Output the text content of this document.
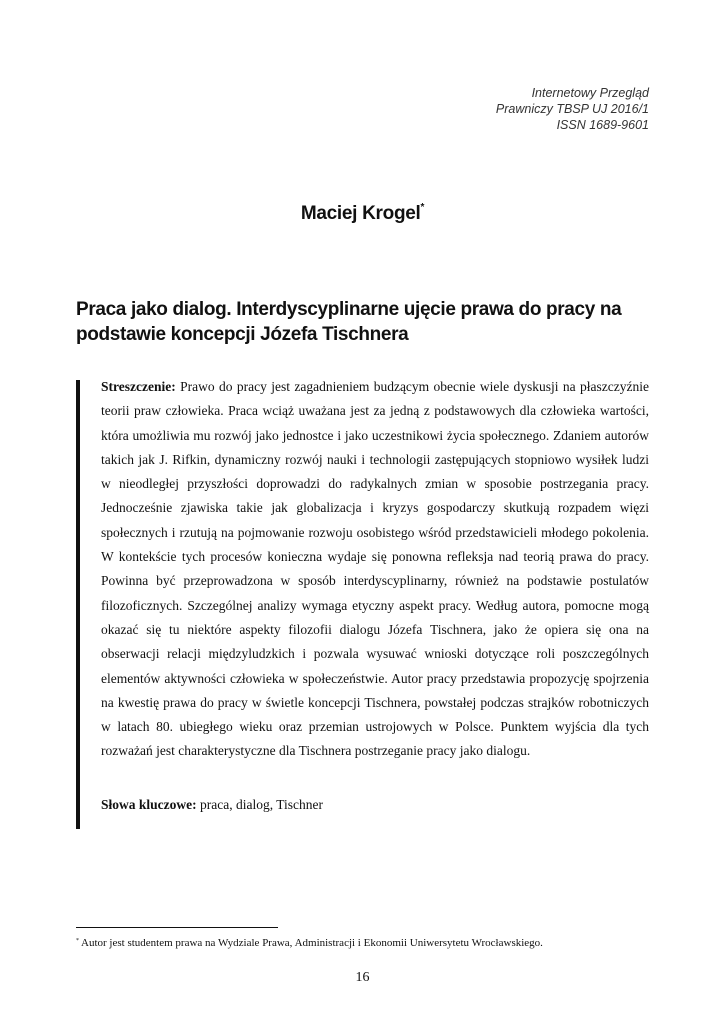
Internetowy Przegląd
Prawniczy TBSP UJ 2016/1
ISSN 1689-9601
Maciej Krogel*
Praca jako dialog. Interdyscyplinarne ujęcie prawa do pracy na podstawie koncepcji Józefa Tischnera

Streszczenie: Prawo do pracy jest zagadnieniem budzącym obecnie wiele dyskusji na płaszczyźnie teorii praw człowieka. Praca wciąż uważana jest za jedną z podstawowych dla człowieka wartości, która umożliwia mu rozwój jako jednostce i jako uczestnikowi życia społecznego. Zdaniem autorów takich jak J. Rifkin, dynamiczny rozwój nauki i technologii zastępujących stopniowo wysiłek ludzi w nieodległej przyszłości doprowadzi do radykalnych zmian w sposobie postrzegania pracy. Jednocześnie zjawiska takie jak globalizacja i kryzys gospodarczy skutkują rozpadem więzi społecznych i rzutują na pojmowanie rozwoju osobistego wśród przedstawicieli młodego pokolenia. W kontekście tych procesów konieczna wydaje się ponowna refleksja nad teorią prawa do pracy. Powinna być przeprowadzona w sposób interdyscyplinarny, również na podstawie postulatów filozoficznych. Szczególnej analizy wymaga etyczny aspekt pracy. Według autora, pomocne mogą okazać się tu niektóre aspekty filozofii dialogu Józefa Tischnera, jako że opiera się ona na obserwacji relacji międzyludzkich i pozwala wysuwać wnioski dotyczące roli poszczególnych elementów aktywności człowieka w społeczeństwie. Autor pracy przedstawia propozycję spojrzenia na kwestię prawa do pracy w świetle koncepcji Tischnera, powstałej podczas strajków robotniczych w latach 80. ubiegłego wieku oraz przemian ustrojowych w Polsce. Punktem wyjścia dla tych rozważań jest charakterystyczne dla Tischnera postrzeganie pracy jako dialogu.

Słowa kluczowe: praca, dialog, Tischner

* Autor jest studentem prawa na Wydziale Prawa, Administracji i Ekonomii Uniwersytetu Wrocławskiego.

16
